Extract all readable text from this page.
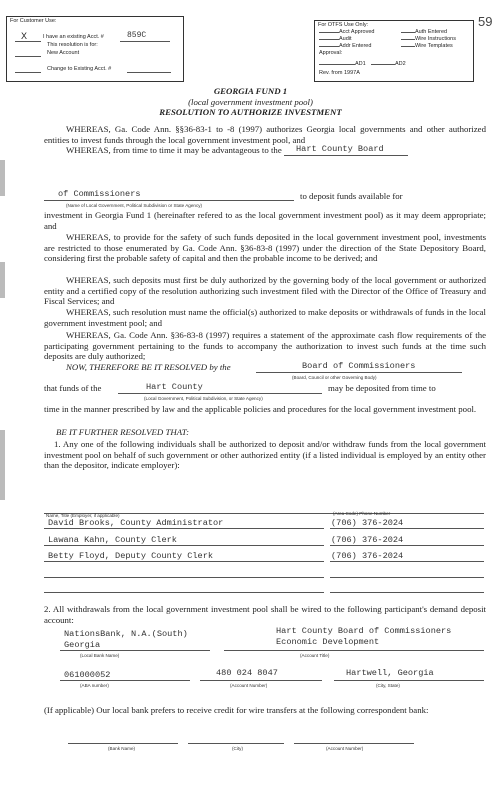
For Customer Use:
X	I have an existing Acct. #	859C
This resolution is for:
New Account
Change to Existing Acct. #
For OTFS Use Only:
Acct Approved	Auth Entered
Audit	Wire Instructions
Addr Entered	Wire Templates
Approval:
AD1	AD2
Rev. from 1997A
59
GEORGIA FUND 1
(local government investment pool)
RESOLUTION TO AUTHORIZE INVESTMENT
WHEREAS, Ga. Code Ann. §§36-83-1 to -8 (1997) authorizes Georgia local governments and other authorized entities to invest funds through the local government investment pool, and
WHEREAS, from time to time it may be advantageous to the Hart County Board
of Commissioners	to deposit funds available for
(Name of Local Government, Political Subdivision or State Agency)
investment in Georgia Fund 1 (hereinafter refered to as the local government investment pool) as it may deem appropriate; and
WHEREAS, to provide for the safety of such funds deposited in the local government investment pool, investments are restricted to those enumerated by Ga. Code Ann. §36-83-8 (1997) under the direction of the State Depository Board, considering first the probable safety of capital and then the probable income to be derived; and
WHEREAS, such deposits must first be duly authorized by the governing body of the local government or authorized entity and a certified copy of the resolution authorizing such investment filed with the Director of the Office of Treasury and Fiscal Services; and
WHEREAS, such resolution must name the official(s) authorized to make deposits or withdrawals of funds in the local government investment pool; and
WHEREAS, Ga. Code Ann. §36-83-8 (1997) requires a statement of the approximate cash flow requirements of the participating government pertaining to the funds to accompany the authorization to invest such funds at the time such deposits are duly authorized;
NOW, THEREFORE BE IT RESOLVED by the	Board of Commissioners
(Board, Council or other Governing Body)
that funds of the	Hart County	may be deposited from time to
(Local Government, Political Subdivision, or State Agency)
time in the manner prescribed by law and the applicable policies and procedures for the local government investment pool.
BE IT FURTHER RESOLVED THAT:
1. Any one of the following individuals shall be authorized to deposit and/or withdraw funds from the local government investment pool on behalf of such government or other authorized entity (if a listed individual is employed by an entity other than the depositor, indicate employer):
Name, Title (Employer, if applicable)	(Area Code) Phone Number
David Brooks, County Administrator	(706) 376-2024
Lawana Kahn, County Clerk	(706) 376-2024
Betty Floyd, Deputy County Clerk	(706) 376-2024
2. All withdrawals from the local government investment pool shall be wired to the following participant's demand deposit account:
NationsBank, N.A.(South)
Georgia
(Local Bank Name)
Hart County Board of Commissioners
Economic Development
(Account Title)
061000052
(ABA number)
480 024 8047
(Account Number)
Hartwell, Georgia
(City, State)
(If applicable) Our local bank prefers to receive credit for wire transfers at the following correspondent bank:
(Bank Name)	(City)	(Account Number)
